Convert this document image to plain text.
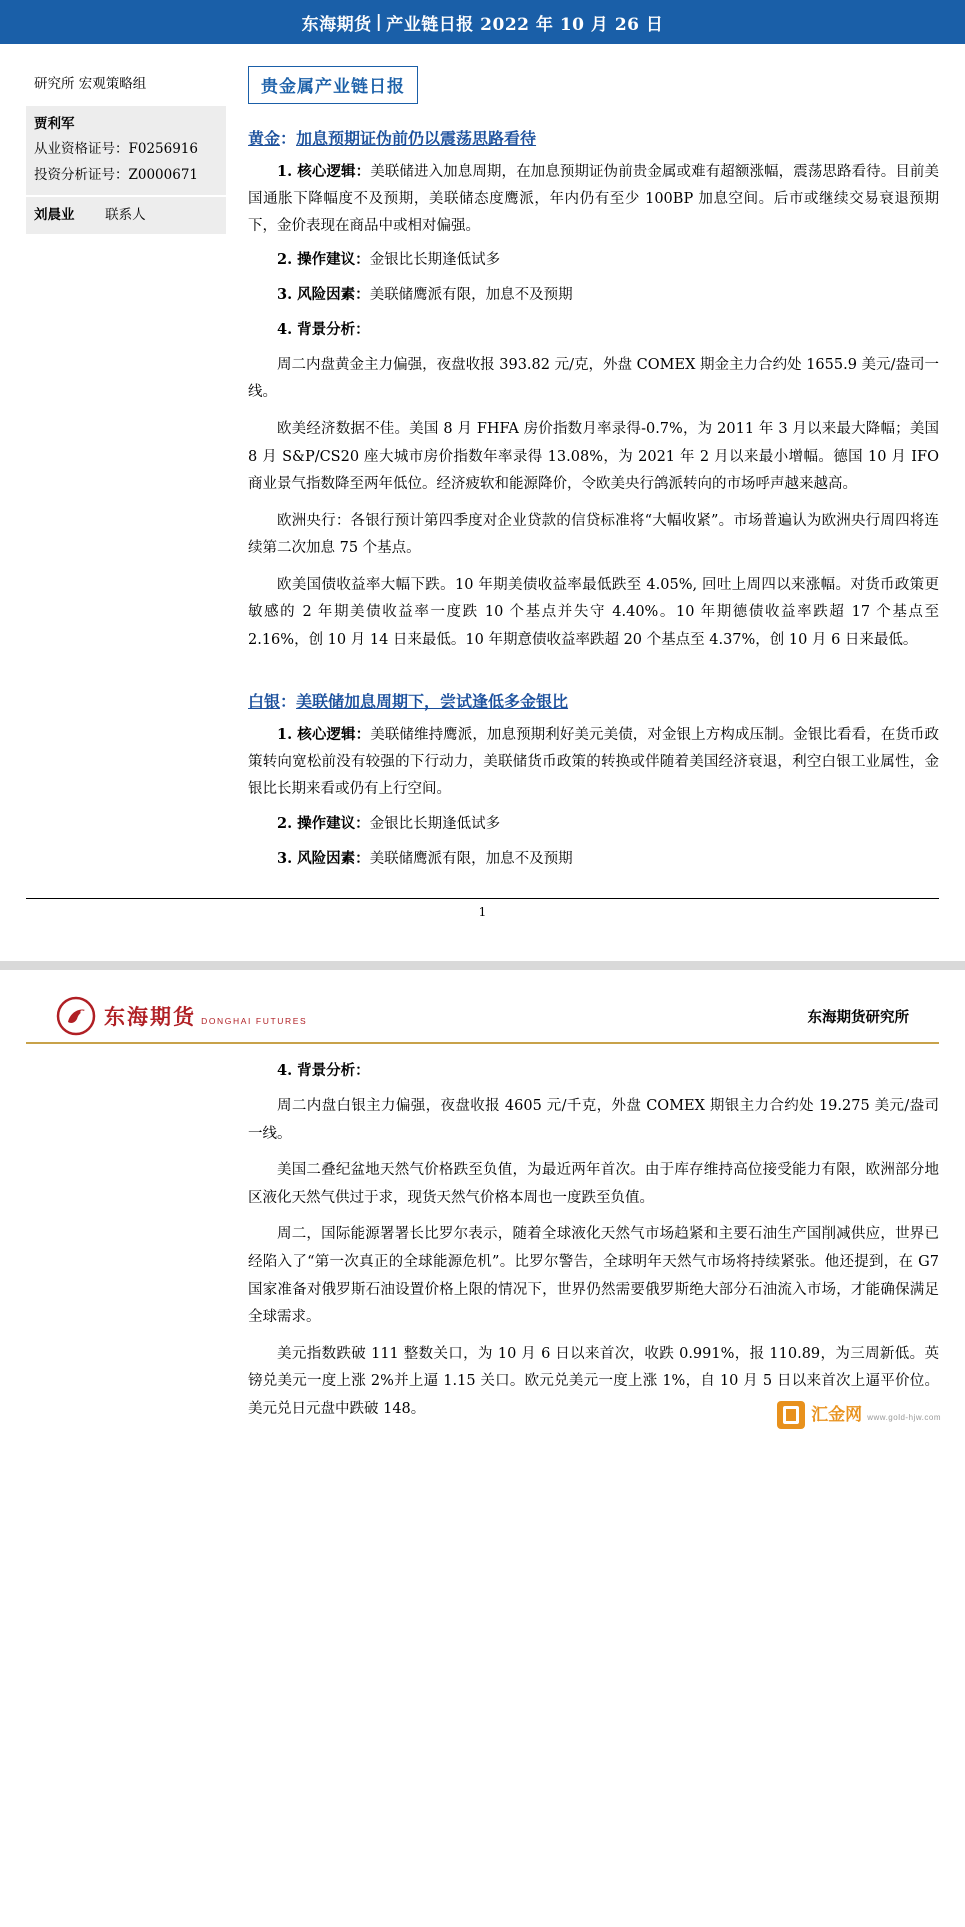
东海期货 | 产业链日报 2022 年 10 月 26 日
研究所 宏观策略组
贾利军
从业资格证号：F0256916
投资分析证号：Z0000671
刘晨业 联系人
贵金属产业链日报
黄金：加息预期证伪前仍以震荡思路看待

1. 核心逻辑：美联储进入加息周期，在加息预期证伪前贵金属或难有超额涨幅，震荡思路看待。目前美国通胀下降幅度不及预期，美联储态度鹰派，年内仍有至少 100BP 加息空间。后市或继续交易衰退预期下，金价表现在商品中或相对偏强。

2. 操作建议：金银比长期逢低试多

3. 风险因素：美联储鹰派有限，加息不及预期

4. 背景分析：

周二内盘黄金主力偏强，夜盘收报 393.82 元/克，外盘 COMEX 期金主力合约处 1655.9 美元/盎司一线。

欧美经济数据不佳。美国 8 月 FHFA 房价指数月率录得-0.7%，为 2011 年 3 月以来最大降幅；美国 8 月 S&P/CS20 座大城市房价指数年率录得 13.08%，为 2021 年 2 月以来最小增幅。德国 10 月 IFO 商业景气指数降至两年低位。经济疲软和能源降价，令欧美央行鸽派转向的市场呼声越来越高。

欧洲央行：各银行预计第四季度对企业贷款的信贷标准将“大幅收紧”。市场普遍认为欧洲央行周四将连续第二次加息 75 个基点。

欧美国债收益率大幅下跌。10 年期美债收益率最低跌至 4.05%, 回吐上周四以来涨幅。对货币政策更敏感的 2 年期美债收益率一度跌 10 个基点并失守 4.40%。10 年期德债收益率跌超 17 个基点至 2.16%，创 10 月 14 日来最低。10 年期意债收益率跌超 20 个基点至 4.37%，创 10 月 6 日来最低。

白银：美联储加息周期下，尝试逢低多金银比

1. 核心逻辑：美联储维持鹰派，加息预期利好美元美债，对金银上方构成压制。金银比看看，在货币政策转向宽松前没有较强的下行动力，美联储货币政策的转换或伴随着美国经济衰退，利空白银工业属性，金银比长期来看或仍有上行空间。

2. 操作建议：金银比长期逢低试多

3. 风险因素：美联储鹰派有限，加息不及预期

1
东海期货 DONGHAI FUTURES	东海期货研究所

4. 背景分析：

周二内盘白银主力偏强，夜盘收报 4605 元/千克，外盘 COMEX 期银主力合约处 19.275 美元/盎司一线。

美国二叠纪盆地天然气价格跌至负值，为最近两年首次。由于库存维持高位接受能力有限，欧洲部分地区液化天然气供过于求，现货天然气价格本周也一度跌至负值。

周二，国际能源署署长比罗尔表示，随着全球液化天然气市场趋紧和主要石油生产国削减供应，世界已经陷入了“第一次真正的全球能源危机”。比罗尔警告，全球明年天然气市场将持续紧张。他还提到，在 G7 国家准备对俄罗斯石油设置价格上限的情况下，世界仍然需要俄罗斯绝大部分石油流入市场，才能确保满足全球需求。

美元指数跌破 111 整数关口，为 10 月 6 日以来首次，收跌 0.991%，报 110.89，为三周新低。英镑兑美元一度上涨 2%并上逼 1.15 关口。欧元兑美元一度上涨 1%，自 10 月 5 日以来首次上逼平价位。美元兑日元盘中跌破 148。	汇金网 www.gold-hjw.com
